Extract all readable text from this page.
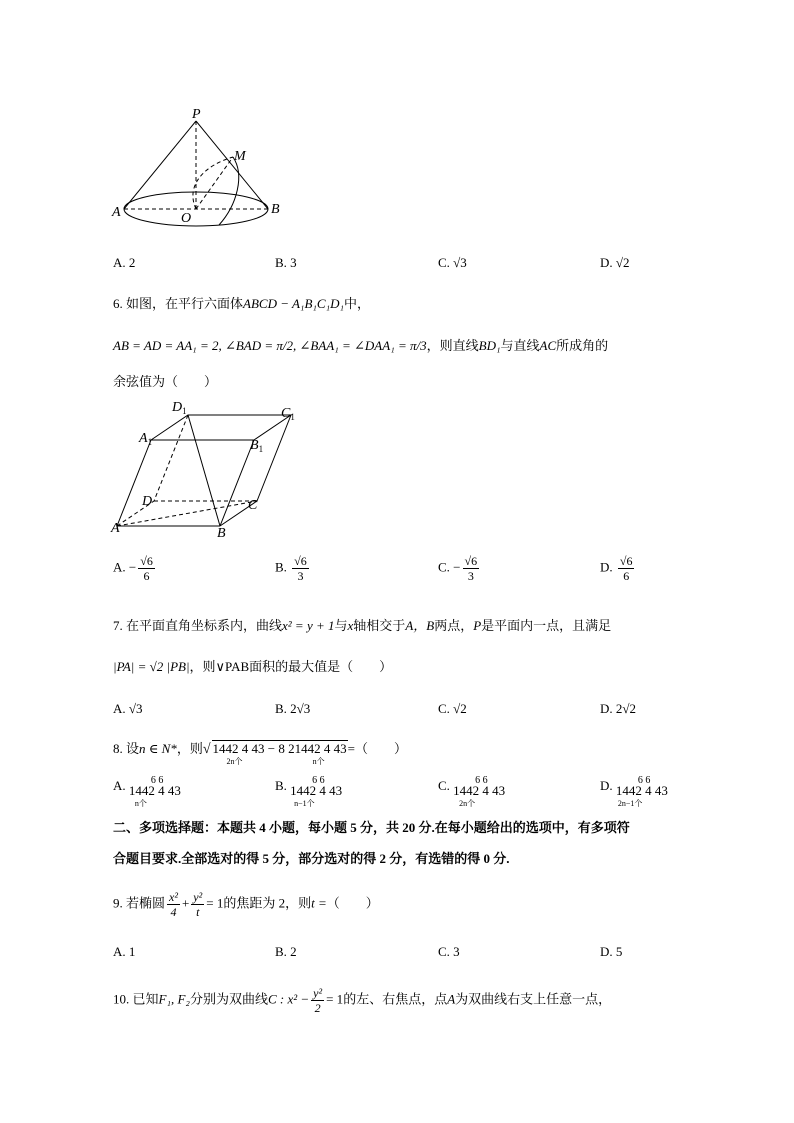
P
M
A	O
B
A. 2	B. 3	C. √3	D. √2
6. 如图，在平行六面体ABCD − A₁B₁C₁D₁中，
AB = AD = AA₁ = 2, ∠BAD = π/2, ∠BAA₁ = ∠DAA₁ = π/3，则直线BD₁与直线AC所成角的
余弦值为（　　）
$D_1$	$C_1$
$A_1$	$B_1$
D	C
A	B
A. − $\frac{√6}{6}$	B. $\frac{√6}{3}$	C. − $\frac{√6}{3}$	D. $\frac{√6}{6}$
7. 在平面直角坐标系内，曲线x² = y + 1与x轴相交于A，B两点，P是平面内一点，且满足
|PA| = √2 |PB|，则∨PAB面积的最大值是（　　）
A. √3	B. 2√3	C. √2	D. 2√2
8. 设n ∈ N*，则√ 1442 4 43
2n个
− 8 21442 4 43
n个
=（　　）
A.	6 6
1442 4 43
n个
B.	6 6
1442 4 43
n−1个
C.	6 6
1442 4 43
2n个
D.	6 6
1442 4 43
2n−1个
二、多项选择题：本题共 4 小题，每小题 5 分，共 20 分.在每小题给出的选项中，有多项符
合题目要求.全部选对的得 5 分，部分选对的得 2 分，有选错的得 0 分.
9. 若椭圆 $\frac{\text{x²}}{4} + \frac{\text{y²}}{t} = 1$的焦距为 2，则t =（　　）
A. 1	B. 2	C. 3	D. 5
10. 已知F₁, F₂分别为双曲线C : $x^2 - \frac{\text{y²}}{2} = 1$的左、右焦点，点A为双曲线右支上任意一点，
